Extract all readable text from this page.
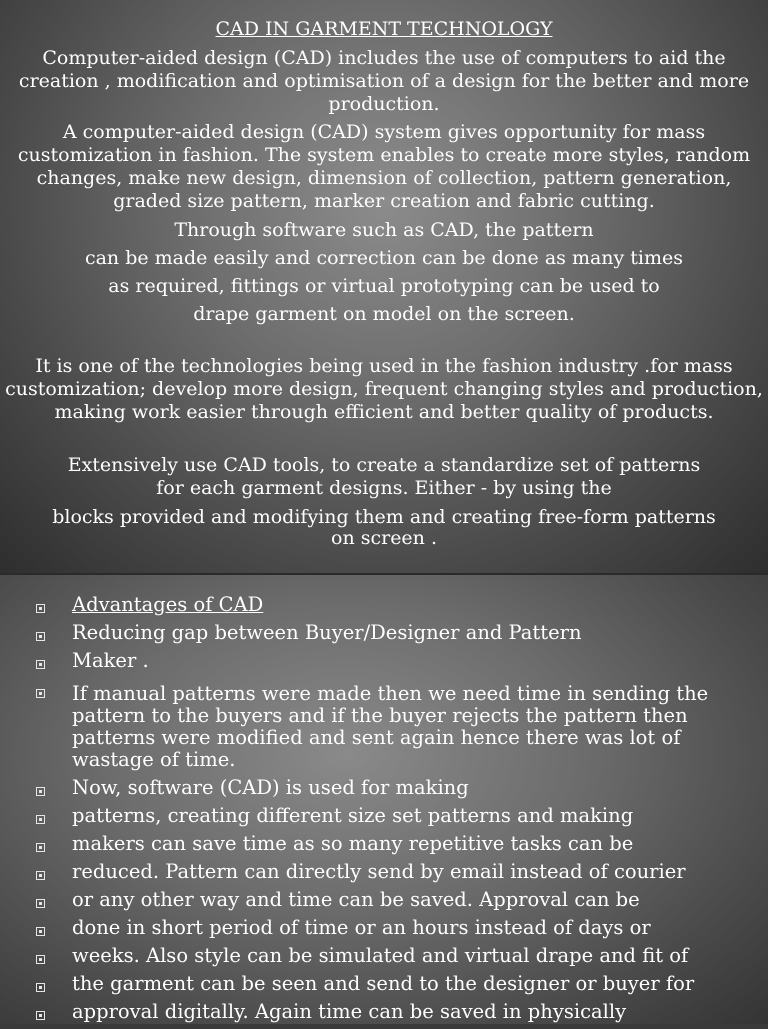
CAD IN GARMENT TECHNOLOGY
Computer-aided design (CAD) includes the use of computers to aid the creation , modification and optimisation of a design for the better and more production.
A computer-aided design (CAD) system gives opportunity for mass customization in fashion. The system enables to create more styles, random changes, make new design, dimension of collection, pattern generation, graded size pattern, marker creation and fabric cutting.
Through software such as CAD, the pattern
can be made easily and correction can be done as many times
as required, fittings or virtual prototyping can be used to
drape garment on model on the screen.
It is one of the technologies being used in the fashion industry .for mass customization; develop more design, frequent changing styles and production, making work easier through efficient and better quality of products.
Extensively use CAD tools, to create a standardize set of patterns
for each garment designs. Either - by using the
blocks provided and modifying them and creating free-form patterns
on screen .
Advantages of CAD
Reducing gap between Buyer/Designer and Pattern
Maker .
If manual patterns were made then we need time in sending the pattern to the buyers and if the buyer rejects the pattern then patterns were modified and sent again hence there was lot of wastage of time.
Now, software (CAD) is used for making
patterns, creating different size set patterns and making
makers can save time as so many repetitive tasks can be
reduced. Pattern can directly send by email instead of courier
or any other way and time can be saved. Approval can be
done in short period of time or an hours instead of days or
weeks. Also style can be simulated and virtual drape and fit of
the garment can be seen and send to the designer or buyer for
approval digitally. Again time can be saved in physically
